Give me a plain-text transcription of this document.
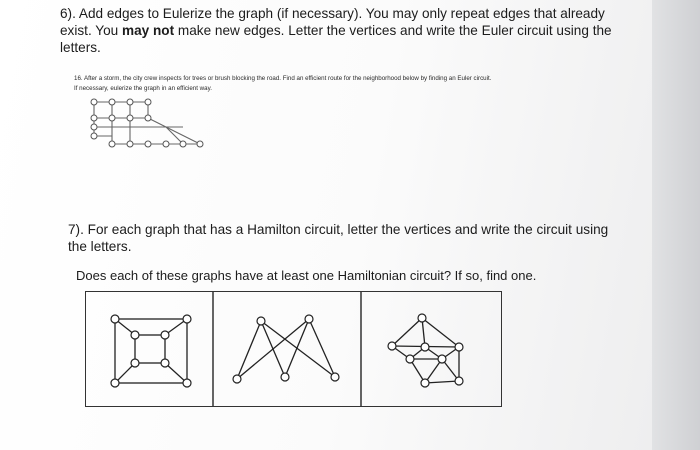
6). Add edges to Eulerize the graph (if necessary). You may only repeat edges that already exist. You may not make new edges. Letter the vertices and write the Euler circuit using the letters.
16. After a storm, the city crew inspects for trees or brush blocking the road. Find an efficient route for the neighborhood below by finding an Euler circuit.
If necessary, eulerize the graph in an efficient way.
7). For each graph that has a Hamilton circuit, letter the vertices and write the circuit using the letters.
Does each of these graphs have at least one Hamiltonian circuit? If so, find one.
